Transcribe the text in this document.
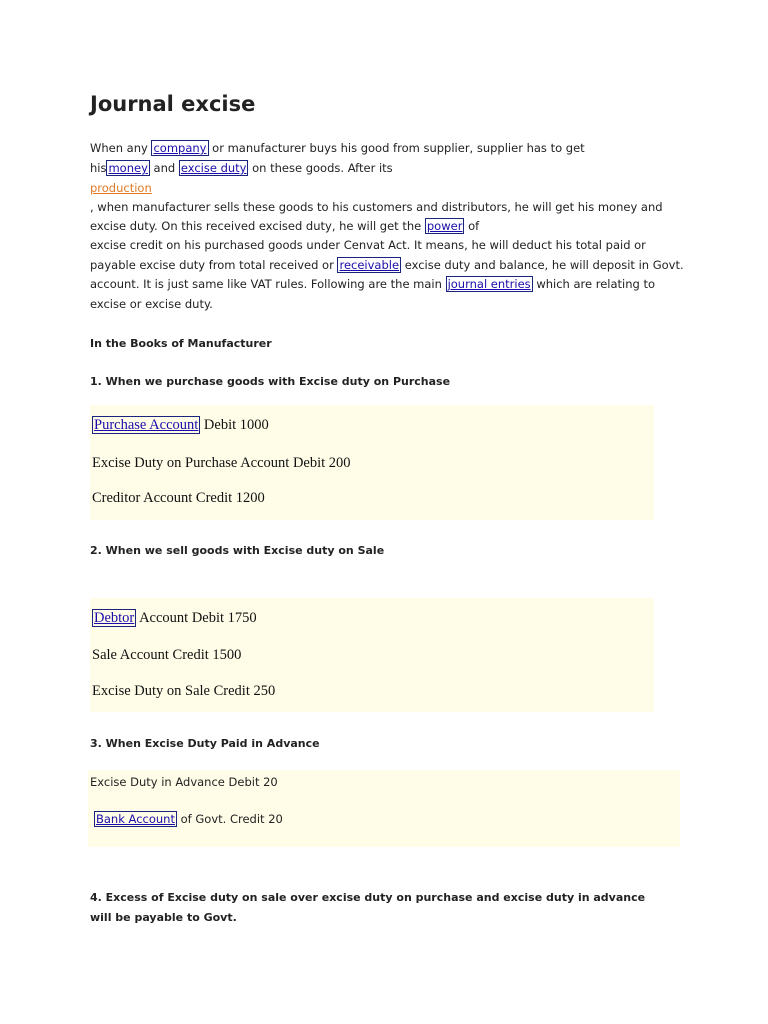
Journal excise
When any company or manufacturer buys his good from supplier, supplier has to get
his money and excise duty on these goods. After its
production
, when manufacturer sells these goods to his customers and distributors, he will get his money and
excise duty. On this received excised duty, he will get the power of
excise credit on his purchased goods under Cenvat Act. It means, he will deduct his total paid or
payable excise duty from total received or receivable excise duty and balance, he will deposit in Govt.
account. It is just same like VAT rules. Following are the main journal entries which are relating to
excise or excise duty.
In the Books of Manufacturer
1. When we purchase goods with Excise duty on Purchase
Purchase Account Debit 1000
Excise Duty on Purchase Account Debit 200
Creditor Account Credit 1200
2. When we sell goods with Excise duty on Sale
Debtor Account Debit 1750
Sale Account Credit 1500
Excise Duty on Sale Credit 250
3. When Excise Duty Paid in Advance
Excise Duty in Advance Debit 20
Bank Account of Govt. Credit 20
4. Excess of Excise duty on sale over excise duty on purchase and excise duty in advance
will be payable to Govt.
